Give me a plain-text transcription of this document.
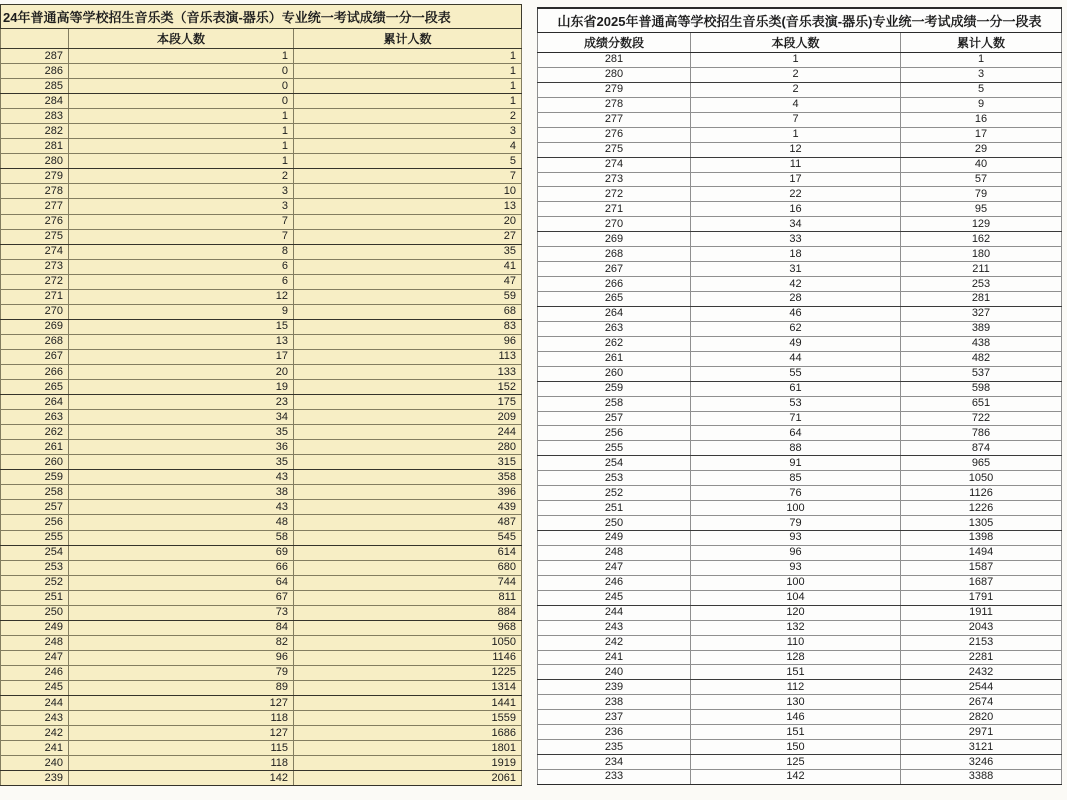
24年普通高等学校招生音乐类（音乐表演-器乐）专业统一考试成绩一分一段表		
	本段人数	累计人数
287	1	1
286	0	1
285	0	1
284	0	1
283	1	2
282	1	3
281	1	4
280	1	5
279	2	7
278	3	10
277	3	13
276	7	20
275	7	27
274	8	35
273	6	41
272	6	47
271	12	59
270	9	68
269	15	83
268	13	96
267	17	113
266	20	133
265	19	152
264	23	175
263	34	209
262	35	244
261	36	280
260	35	315
259	43	358
258	38	396
257	43	439
256	48	487
255	58	545
254	69	614
253	66	680
252	64	744
251	67	811
250	73	884
249	84	968
248	82	1050
247	96	1146
246	79	1225
245	89	1314
244	127	1441
243	118	1559
242	127	1686
241	115	1801
240	118	1919
239	142	2061
山东省2025年普通高等学校招生音乐类(音乐表演-器乐)专业统一考试成绩一分一段表		
成绩分数段	本段人数	累计人数
281	1	1
280	2	3
279	2	5
278	4	9
277	7	16
276	1	17
275	12	29
274	11	40
273	17	57
272	22	79
271	16	95
270	34	129
269	33	162
268	18	180
267	31	211
266	42	253
265	28	281
264	46	327
263	62	389
262	49	438
261	44	482
260	55	537
259	61	598
258	53	651
257	71	722
256	64	786
255	88	874
254	91	965
253	85	1050
252	76	1126
251	100	1226
250	79	1305
249	93	1398
248	96	1494
247	93	1587
246	100	1687
245	104	1791
244	120	1911
243	132	2043
242	110	2153
241	128	2281
240	151	2432
239	112	2544
238	130	2674
237	146	2820
236	151	2971
235	150	3121
234	125	3246
233	142	3388
